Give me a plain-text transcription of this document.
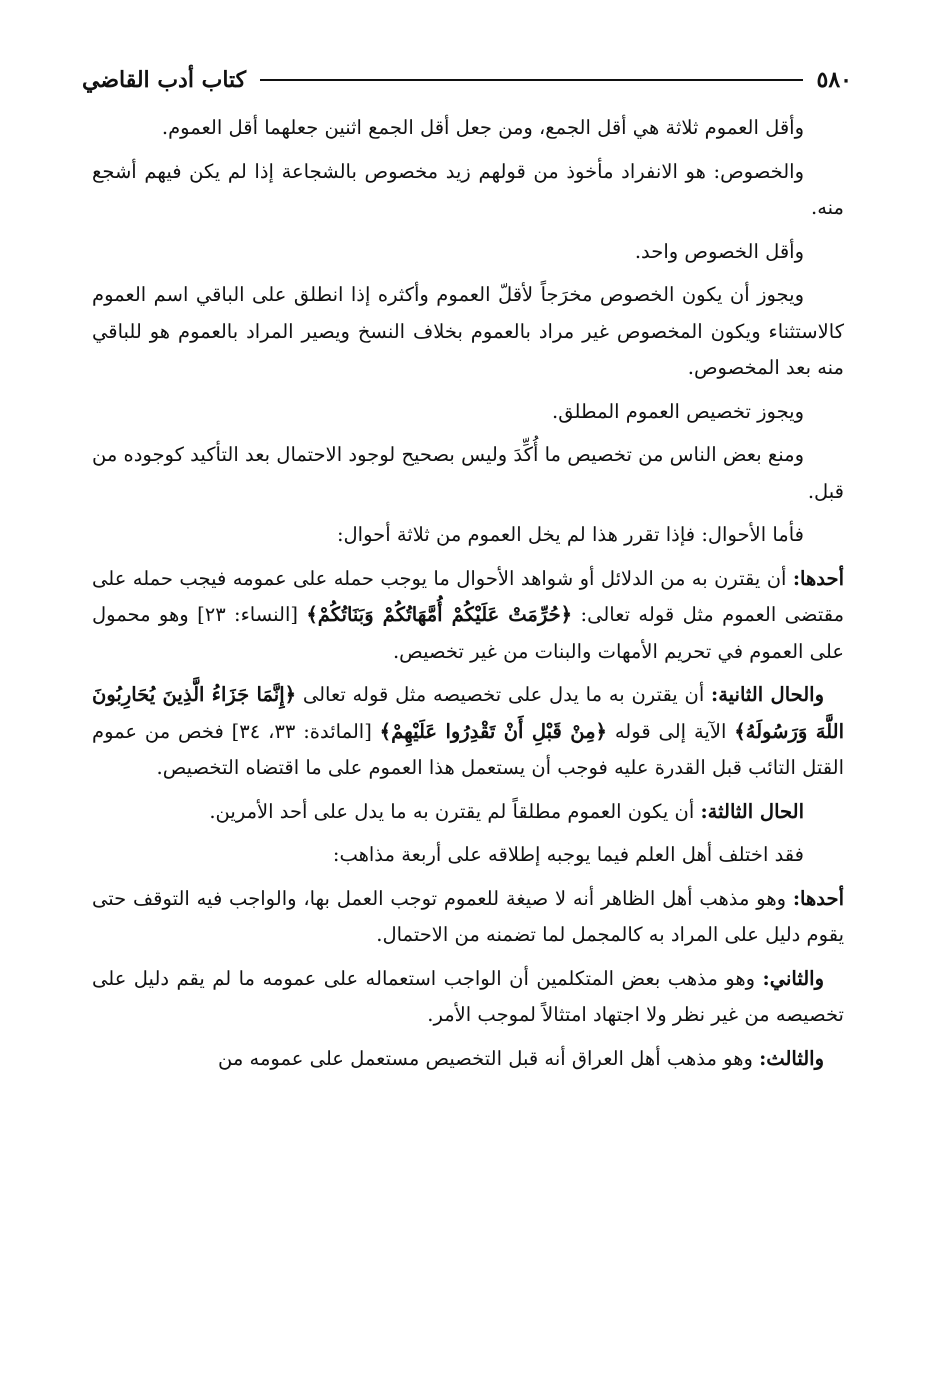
٥٨٠
كتاب أدب القاضي

وأقل العموم ثلاثة هي أقل الجمع، ومن جعل أقل الجمع اثنين جعلهما أقل العموم.

والخصوص: هو الانفراد مأخوذ من قولهم زيد مخصوص بالشجاعة إذا لم يكن فيهم أشجع منه.

وأقل الخصوص واحد.

ويجوز أن يكون الخصوص مخرَجاً لأقلّ العموم وأكثره إذا انطلق على الباقي اسم العموم كالاستثناء ويكون المخصوص غير مراد بالعموم بخلاف النسخ ويصير المراد بالعموم هو للباقي منه بعد المخصوص.

ويجوز تخصيص العموم المطلق.

ومنع بعض الناس من تخصيص ما أُكِّدَ وليس بصحيح لوجود الاحتمال بعد التأكيد كوجوده من قبل.

فأما الأحوال: فإذا تقرر هذا لم يخل العموم من ثلاثة أحوال:

أحدها: أن يقترن به من الدلائل أو شواهد الأحوال ما يوجب حمله على عمومه فيجب حمله على مقتضى العموم مثل قوله تعالى: ﴿حُرِّمَتْ عَلَيْكُمْ أُمَّهَاتُكُمْ وَبَنَاتُكُمْ﴾ [النساء: ٢٣] وهو محمول على العموم في تحريم الأمهات والبنات من غير تخصيص.

والحال الثانية: أن يقترن به ما يدل على تخصيصه مثل قوله تعالى ﴿إِنَّمَا جَزَاءُ الَّذِينَ يُحَارِبُونَ اللَّهَ وَرَسُولَهُ﴾ الآية إلى قوله ﴿مِنْ قَبْلِ أَنْ تَقْدِرُوا عَلَيْهِمْ﴾ [المائدة: ٣٣، ٣٤] فخص من عموم القتل التائب قبل القدرة عليه فوجب أن يستعمل هذا العموم على ما اقتضاه التخصيص.

الحال الثالثة: أن يكون العموم مطلقاً لم يقترن به ما يدل على أحد الأمرين.

فقد اختلف أهل العلم فيما يوجبه إطلاقه على أربعة مذاهب:

أحدها: وهو مذهب أهل الظاهر أنه لا صيغة للعموم توجب العمل بها، والواجب فيه التوقف حتى يقوم دليل على المراد به كالمجمل لما تضمنه من الاحتمال.

والثاني: وهو مذهب بعض المتكلمين أن الواجب استعماله على عمومه ما لم يقم دليل على تخصيصه من غير نظر ولا اجتهاد امتثالاً لموجب الأمر.

والثالث: وهو مذهب أهل العراق أنه قبل التخصيص مستعمل على عمومه من
